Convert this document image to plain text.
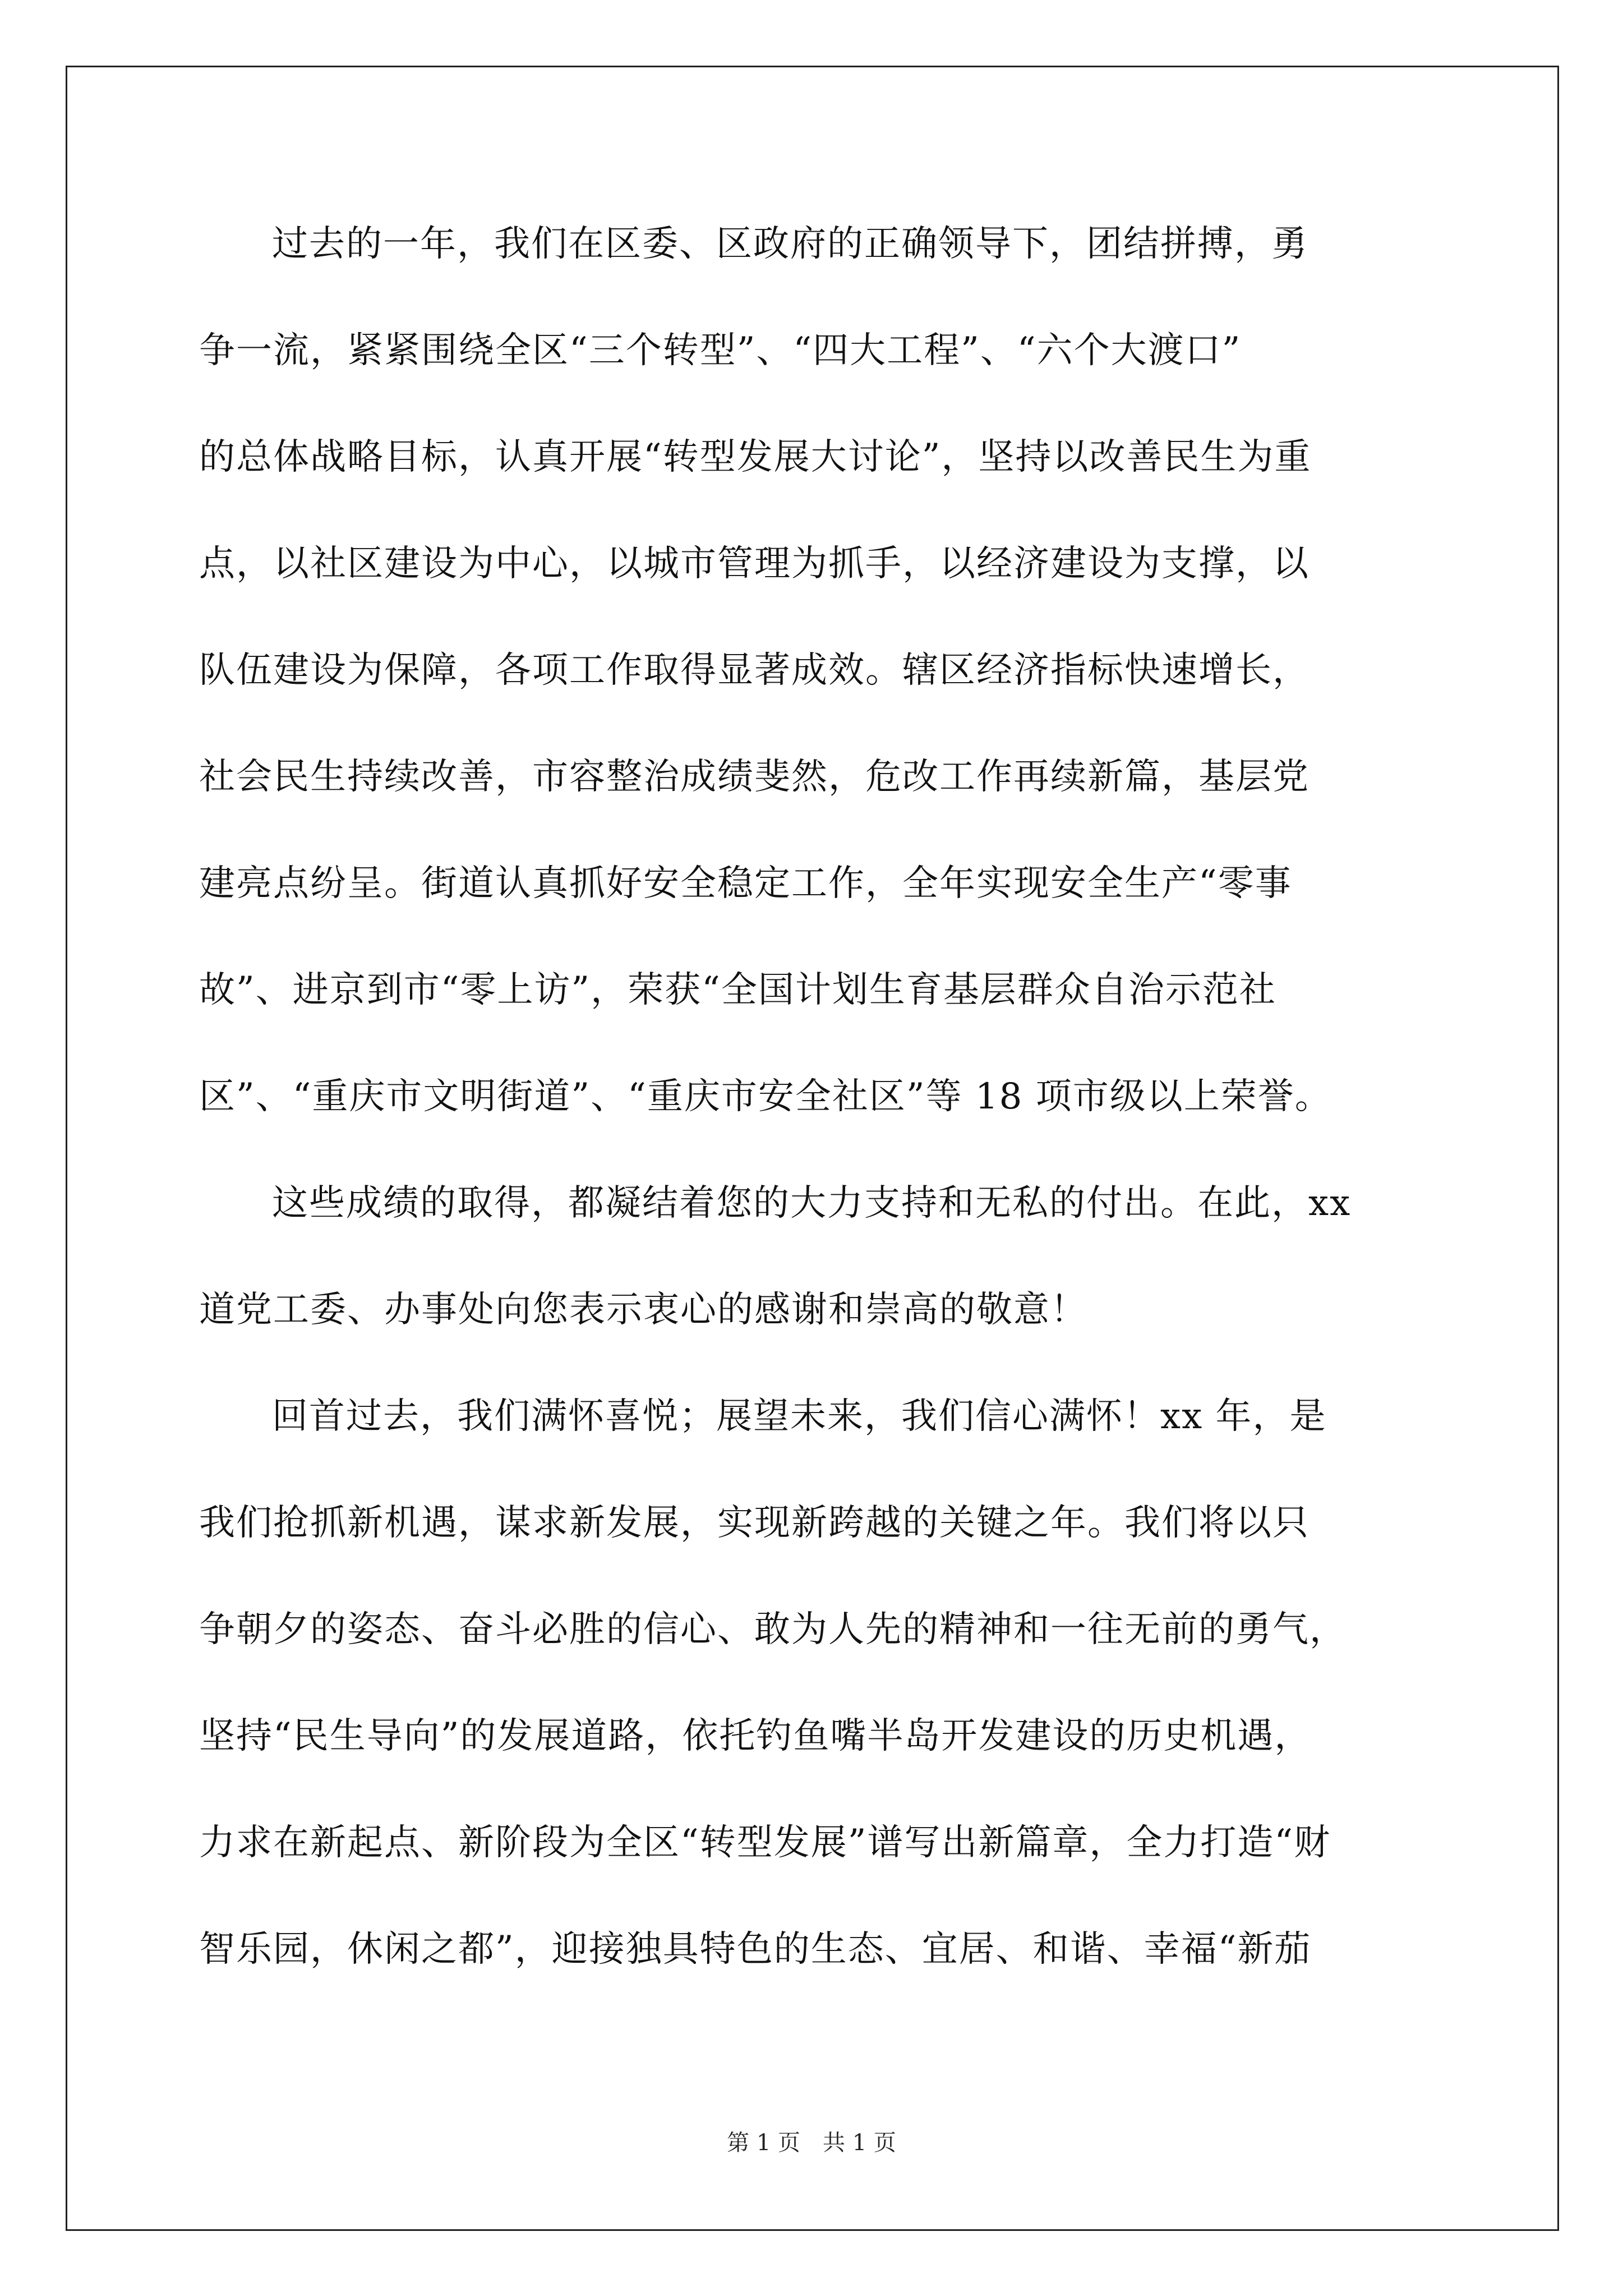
过去的一年，我们在区委、区政府的正确领导下，团结拼搏，勇
争一流，紧紧围绕全区“三个转型”、“四大工程”、“六个大渡口”
的总体战略目标，认真开展“转型发展大讨论”，坚持以改善民生为重
点，以社区建设为中心，以城市管理为抓手，以经济建设为支撑，以
队伍建设为保障，各项工作取得显著成效。辖区经济指标快速增长，
社会民生持续改善，市容整治成绩斐然，危改工作再续新篇，基层党
建亮点纷呈。街道认真抓好安全稳定工作，全年实现安全生产“零事
故”、进京到市“零上访”，荣获“全国计划生育基层群众自治示范社
区”、“重庆市文明街道”、“重庆市安全社区”等 18 项市级以上荣誉。
这些成绩的取得，都凝结着您的大力支持和无私的付出。在此，xx
道党工委、办事处向您表示衷心的感谢和崇高的敬意！
回首过去，我们满怀喜悦；展望未来，我们信心满怀！xx 年，是
我们抢抓新机遇，谋求新发展，实现新跨越的关键之年。我们将以只
争朝夕的姿态、奋斗必胜的信心、敢为人先的精神和一往无前的勇气，
坚持“民生导向”的发展道路，依托钓鱼嘴半岛开发建设的历史机遇，
力求在新起点、新阶段为全区“转型发展”谱写出新篇章，全力打造“财
智乐园，休闲之都”，迎接独具特色的生态、宜居、和谐、幸福“新茄
第 1 页 共 1 页
